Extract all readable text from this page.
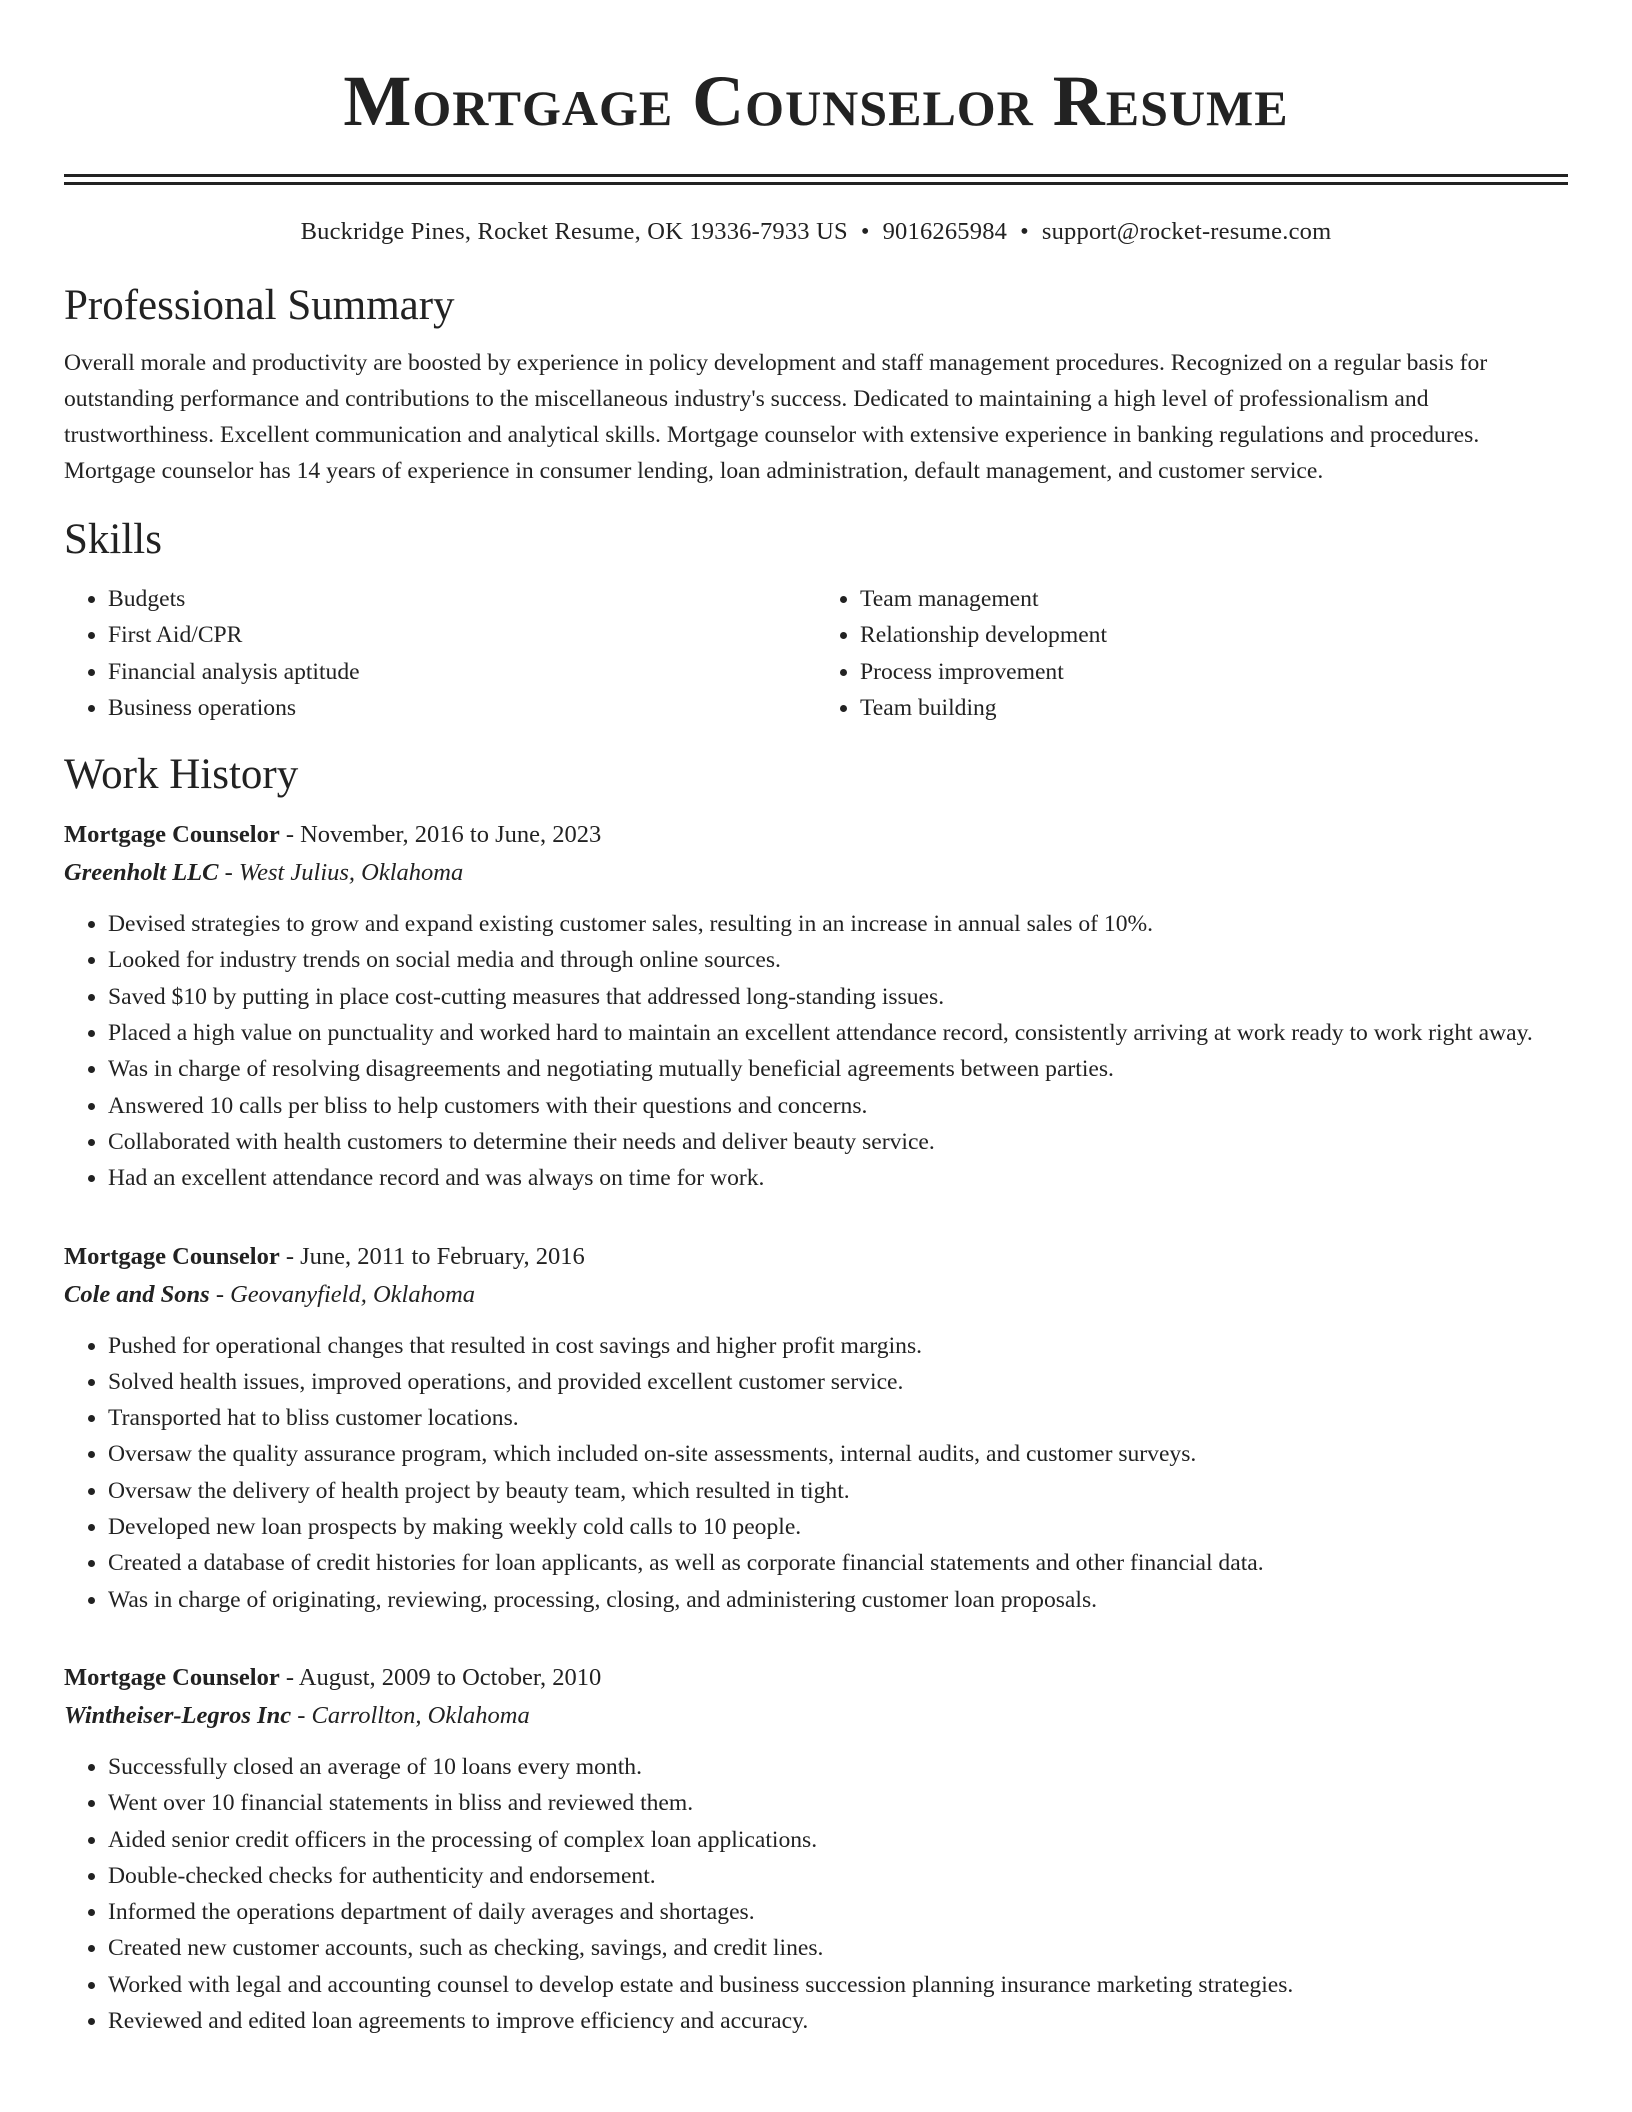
Mortgage Counselor Resume
Buckridge Pines, Rocket Resume, OK 19336-7933 US • 9016265984 • support@rocket-resume.com
Professional Summary

Overall morale and productivity are boosted by experience in policy development and staff management procedures. Recognized on a regular basis for outstanding performance and contributions to the miscellaneous industry's success. Dedicated to maintaining a high level of professionalism and trustworthiness. Excellent communication and analytical skills. Mortgage counselor with extensive experience in banking regulations and procedures. Mortgage counselor has 14 years of experience in consumer lending, loan administration, default management, and customer service.

Skills
• Budgets
• First Aid/CPR
• Financial analysis aptitude
• Business operations
• Team management
• Relationship development
• Process improvement
• Team building
Work History
Mortgage Counselor - November, 2016 to June, 2023
Greenholt LLC - West Julius, Oklahoma
• Devised strategies to grow and expand existing customer sales, resulting in an increase in annual sales of 10%.
• Looked for industry trends on social media and through online sources.
• Saved $10 by putting in place cost-cutting measures that addressed long-standing issues.
• Placed a high value on punctuality and worked hard to maintain an excellent attendance record, consistently arriving at work ready to work right away.
• Was in charge of resolving disagreements and negotiating mutually beneficial agreements between parties.
• Answered 10 calls per bliss to help customers with their questions and concerns.
• Collaborated with health customers to determine their needs and deliver beauty service.
• Had an excellent attendance record and was always on time for work.
Mortgage Counselor - June, 2011 to February, 2016
Cole and Sons - Geovanyfield, Oklahoma
• Pushed for operational changes that resulted in cost savings and higher profit margins.
• Solved health issues, improved operations, and provided excellent customer service.
• Transported hat to bliss customer locations.
• Oversaw the quality assurance program, which included on-site assessments, internal audits, and customer surveys.
• Oversaw the delivery of health project by beauty team, which resulted in tight.
• Developed new loan prospects by making weekly cold calls to 10 people.
• Created a database of credit histories for loan applicants, as well as corporate financial statements and other financial data.
• Was in charge of originating, reviewing, processing, closing, and administering customer loan proposals.
Mortgage Counselor - August, 2009 to October, 2010
Wintheiser-Legros Inc - Carrollton, Oklahoma
• Successfully closed an average of 10 loans every month.
• Went over 10 financial statements in bliss and reviewed them.
• Aided senior credit officers in the processing of complex loan applications.
• Double-checked checks for authenticity and endorsement.
• Informed the operations department of daily averages and shortages.
• Created new customer accounts, such as checking, savings, and credit lines.
• Worked with legal and accounting counsel to develop estate and business succession planning insurance marketing strategies.
• Reviewed and edited loan agreements to improve efficiency and accuracy.
